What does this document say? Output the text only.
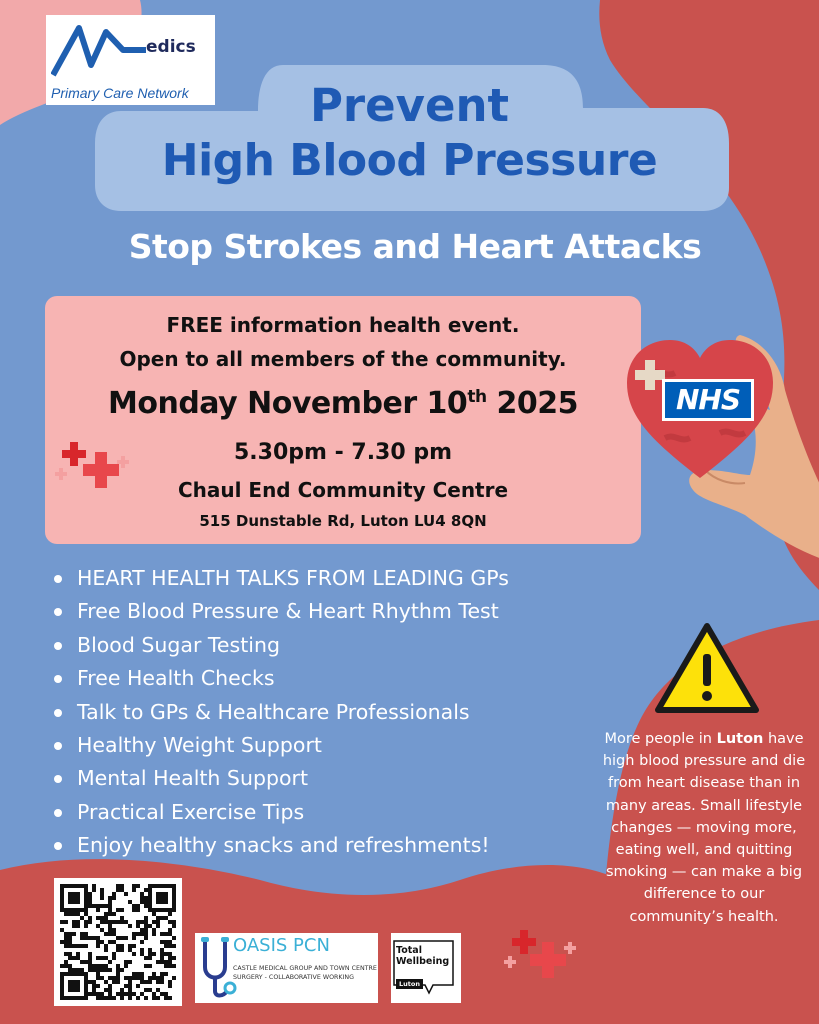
edics
Primary Care Network	Prevent
High Blood Pressure
Stop Strokes and Heart Attacks
FREE information health event.
Open to all members of the community.
Monday November 10th 2025
5.30pm - 7.30 pm
Chaul End Community Centre
515 Dunstable Rd, Luton LU4 8QN
NHS
HEART HEALTH TALKS FROM LEADING GPs
Free Blood Pressure & Heart Rhythm Test
Blood Sugar Testing
Free Health Checks
Talk to GPs & Healthcare Professionals
Healthy Weight Support
Mental Health Support
Practical Exercise Tips
Enjoy healthy snacks and refreshments!
More people in Luton have high blood pressure and die from heart disease than in many areas. Small lifestyle changes — moving more, eating well, and quitting smoking — can make a big difference to our community’s health.
OASIS PCN
CASTLE MEDICAL GROUP AND TOWN CENTRE SURGERY - COLLABORATIVE WORKING
Total
Wellbeing
Luton
